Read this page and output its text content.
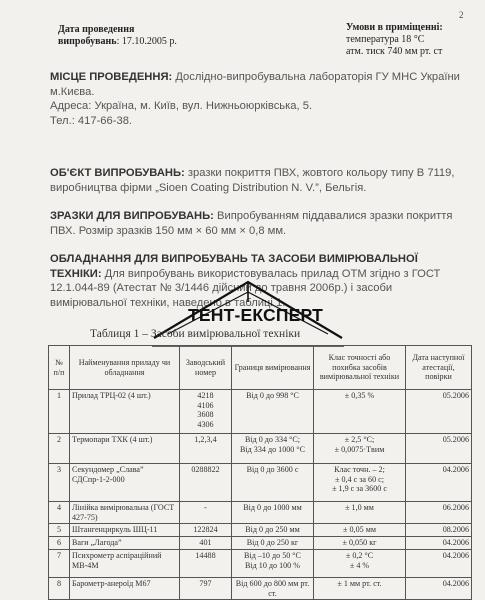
2
Дата проведення
випробувань: 17.10.2005 р.
Умови в приміщенні:
температура 18 °С
атм. тиск 740 мм рт. ст
МІСЦЕ ПРОВЕДЕННЯ: Дослідно-випробувальна лабораторія ГУ МНС України м.Києва.
Адреса: Україна, м. Київ, вул. Нижньоюрківська, 5.
Тел.: 417-66-38.
ОБ'ЄКТ ВИПРОБУВАНЬ: зразки покриття ПВХ, жовтого кольору типу В 7119, виробництва фірми „Sioen Coating Distribution N. V.”, Бельгія.
ЗРАЗКИ ДЛЯ ВИПРОБУВАНЬ: Випробуванням піддавалися зразки покриття ПВХ. Розмір зразків 150 мм × 60 мм × 0,8 мм.
ОБЛАДНАННЯ ДЛЯ ВИПРОБУВАНЬ ТА ЗАСОБИ ВИМІРЮВАЛЬНОЇ ТЕХНІКИ: Для випробувань використовувалась прилад ОТМ згідно з ГОСТ 12.1.044-89 (Атестат № 3/1446 дійсний до травня 2006р.) і засоби вимірювальної техніки, наведено в таблиці 1.
ТЕНТ-ЕКСПЕРТ
Таблиця 1 – Засоби вимірювальної техніки
№ п/п	Найменування приладу чи обладнання	Заводський номер	Границя вимірювання	Клас точності або похибка засобів вимірювальної техніки	Дата наступної атестації, повірки
1	Прилад ТРЦ-02 (4 шт.)	4218
4106
3608
4306	Від 0 до 998 °С	± 0,35 %	05.2006
2	Термопари ТХК (4 шт.)	1,2,3,4	Від 0 до 334 °С;
Від 334 до 1000 °С	± 2,5 °С;
± 0,0075·Tвим	05.2006
3	Секундомер „Слава” СДСпр-1-2-000	0288822	Від 0 до 3600 с	Клас точн. – 2;
± 0,4 с за 60 с;
± 1,9 с за 3600 с	04.2006
4	Лінійка вимірювальна (ГОСТ 427-75)	-	Від 0 до 1000 мм	± 1,0 мм	06.2006
5	Штангенциркуль ШЦ-11	122824	Від 0 до 250 мм	± 0,05 мм	08.2006
6	Ваги „Лагода”	401	Від 0 до 250 кг	± 0,050 кг	04.2006
7	Психрометр аспіраційний МВ-4М	14488	Від –10 до 50 °С
Від 10 до 100 %	± 0,2 °С
± 4 %	04.2006
8	Барометр-анероїд М67	797	Від 600 до 800 мм рт. ст.	± 1 мм рт. ст.	04.2006
